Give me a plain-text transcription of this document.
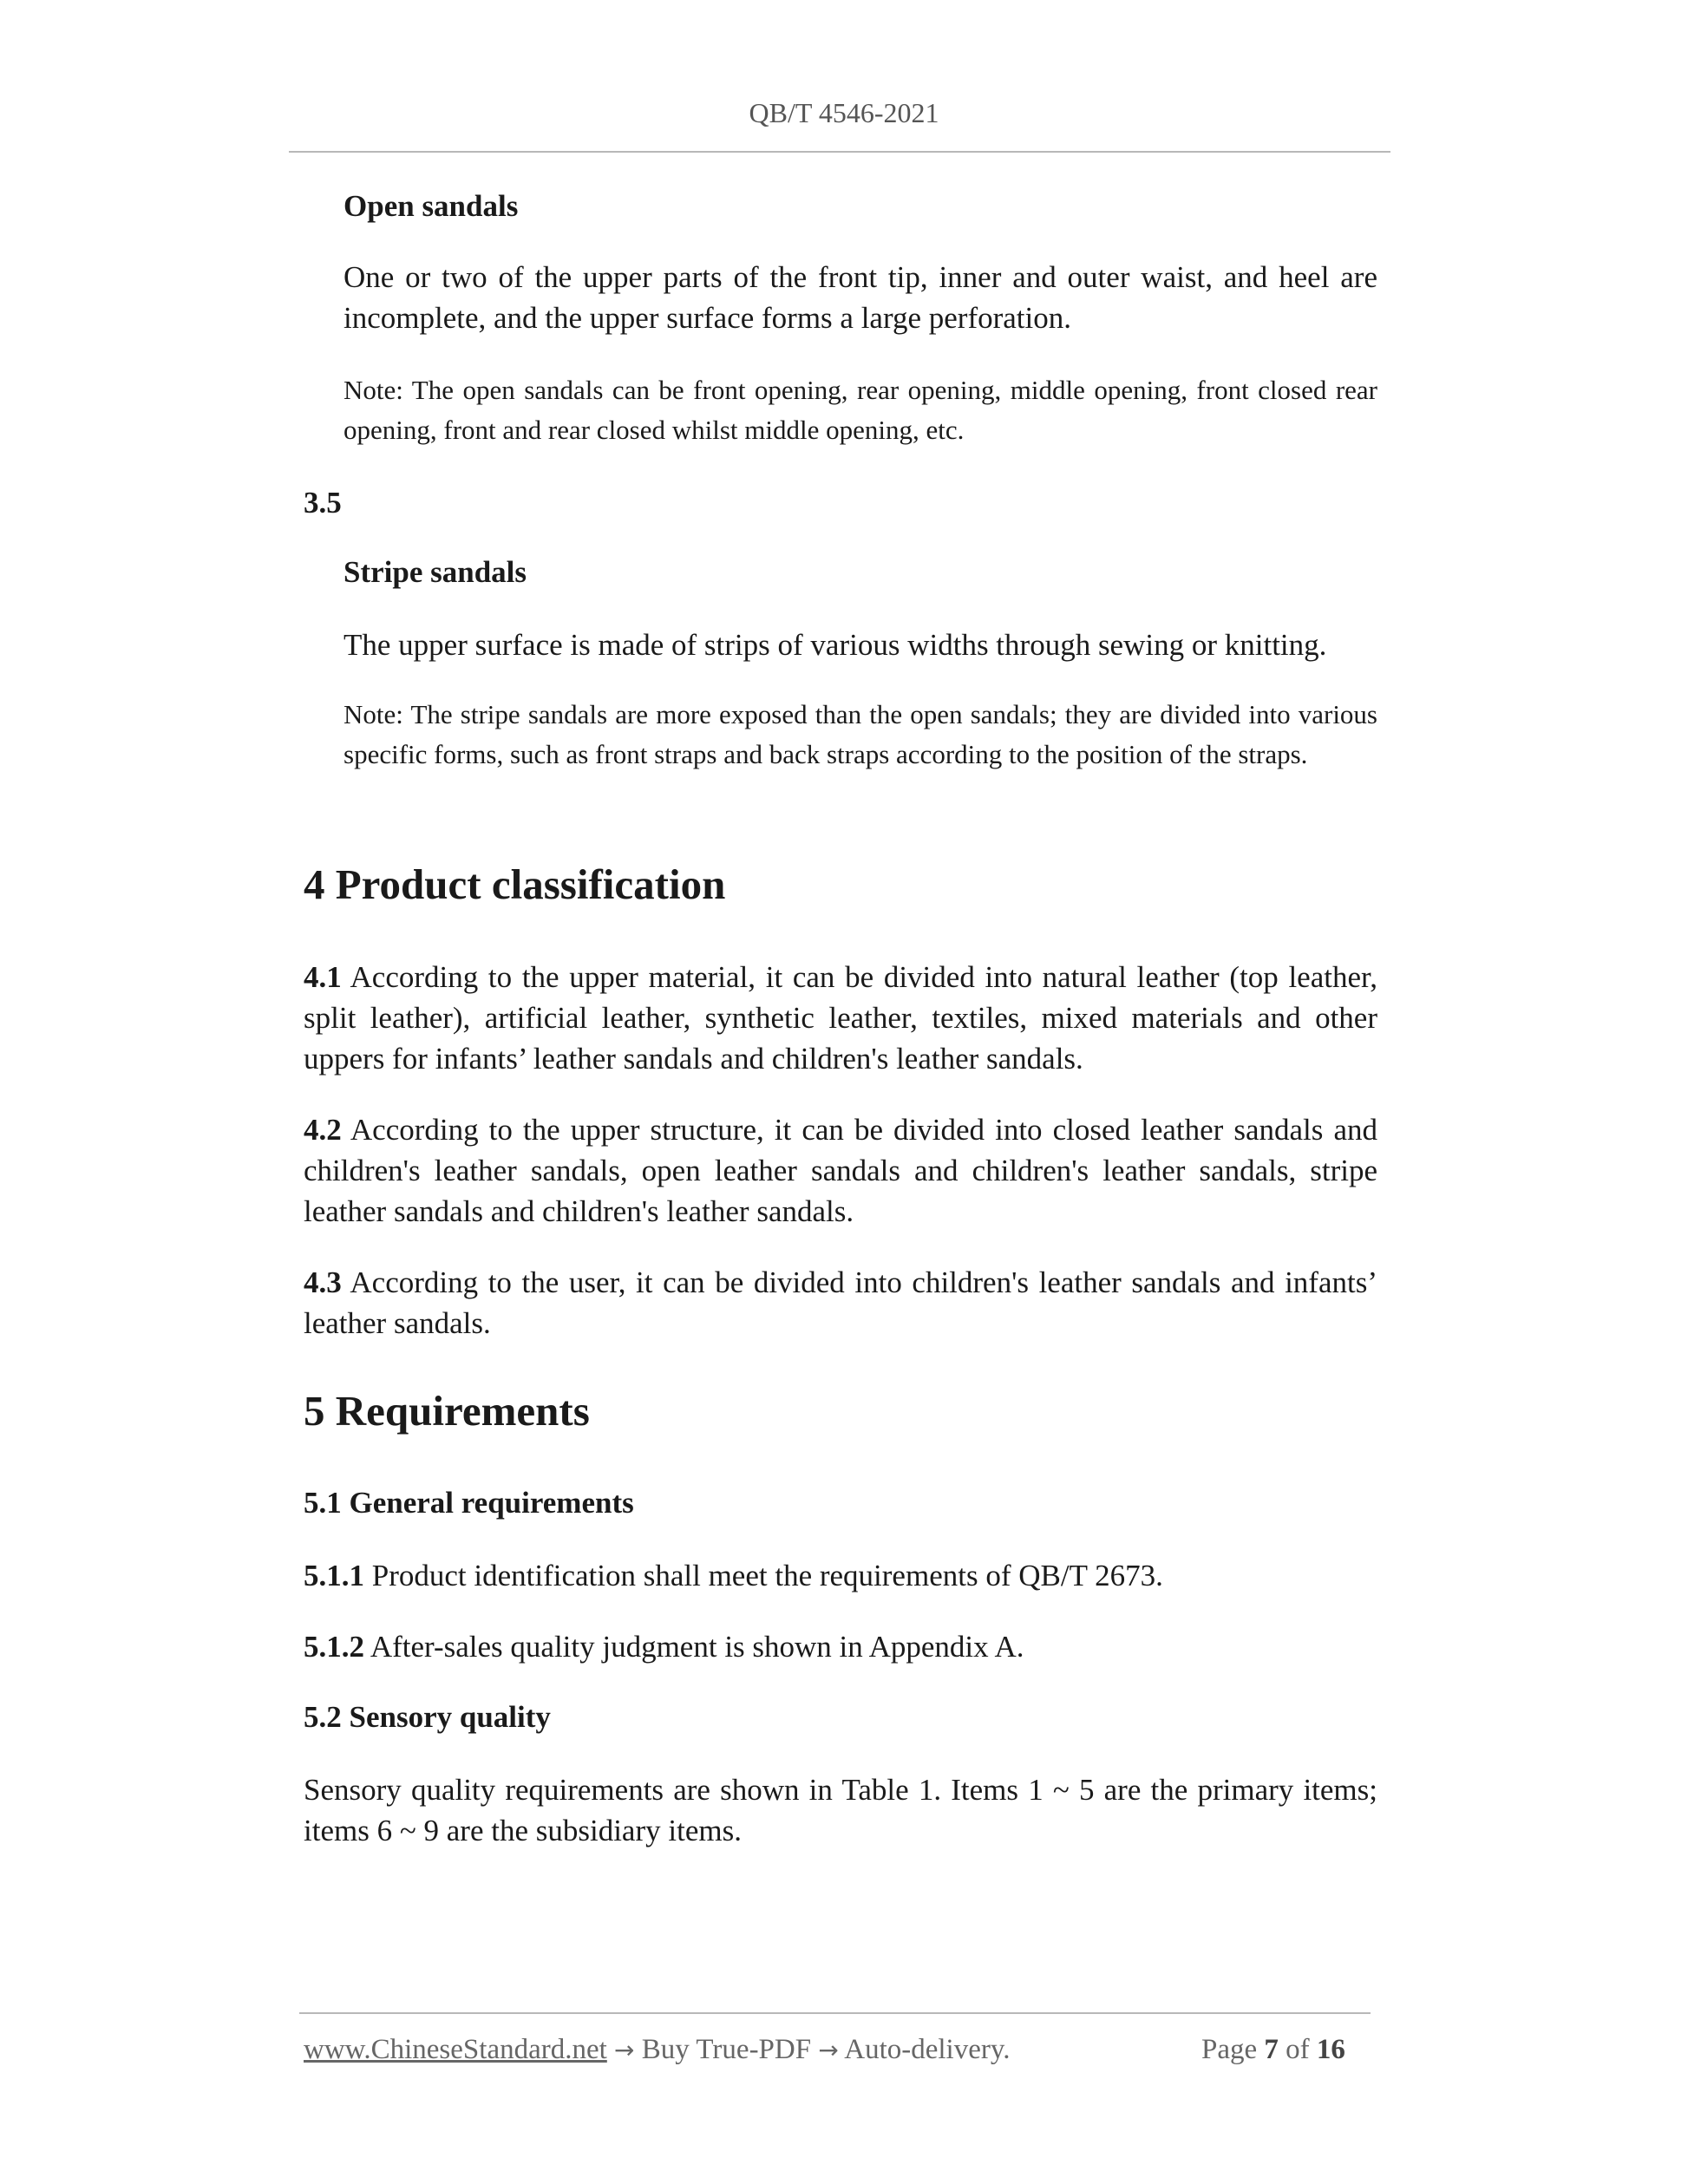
QB/T 4546-2021
Open sandals
One or two of the upper parts of the front tip, inner and outer waist, and heel are incomplete, and the upper surface forms a large perforation.
Note: The open sandals can be front opening, rear opening, middle opening, front closed rear opening, front and rear closed whilst middle opening, etc.
3.5
Stripe sandals
The upper surface is made of strips of various widths through sewing or knitting.
Note: The stripe sandals are more exposed than the open sandals; they are divided into various specific forms, such as front straps and back straps according to the position of the straps.
4 Product classification
4.1 According to the upper material, it can be divided into natural leather (top leather, split leather), artificial leather, synthetic leather, textiles, mixed materials and other uppers for infants’ leather sandals and children's leather sandals.
4.2 According to the upper structure, it can be divided into closed leather sandals and children's leather sandals, open leather sandals and children's leather sandals, stripe leather sandals and children's leather sandals.
4.3 According to the user, it can be divided into children's leather sandals and infants’ leather sandals.
5 Requirements
5.1 General requirements
5.1.1 Product identification shall meet the requirements of QB/T 2673.
5.1.2 After-sales quality judgment is shown in Appendix A.
5.2 Sensory quality
Sensory quality requirements are shown in Table 1. Items 1 ~ 5 are the primary items; items 6 ~ 9 are the subsidiary items.
www.ChineseStandard.net → Buy True-PDF → Auto-delivery.	Page 7 of 16
